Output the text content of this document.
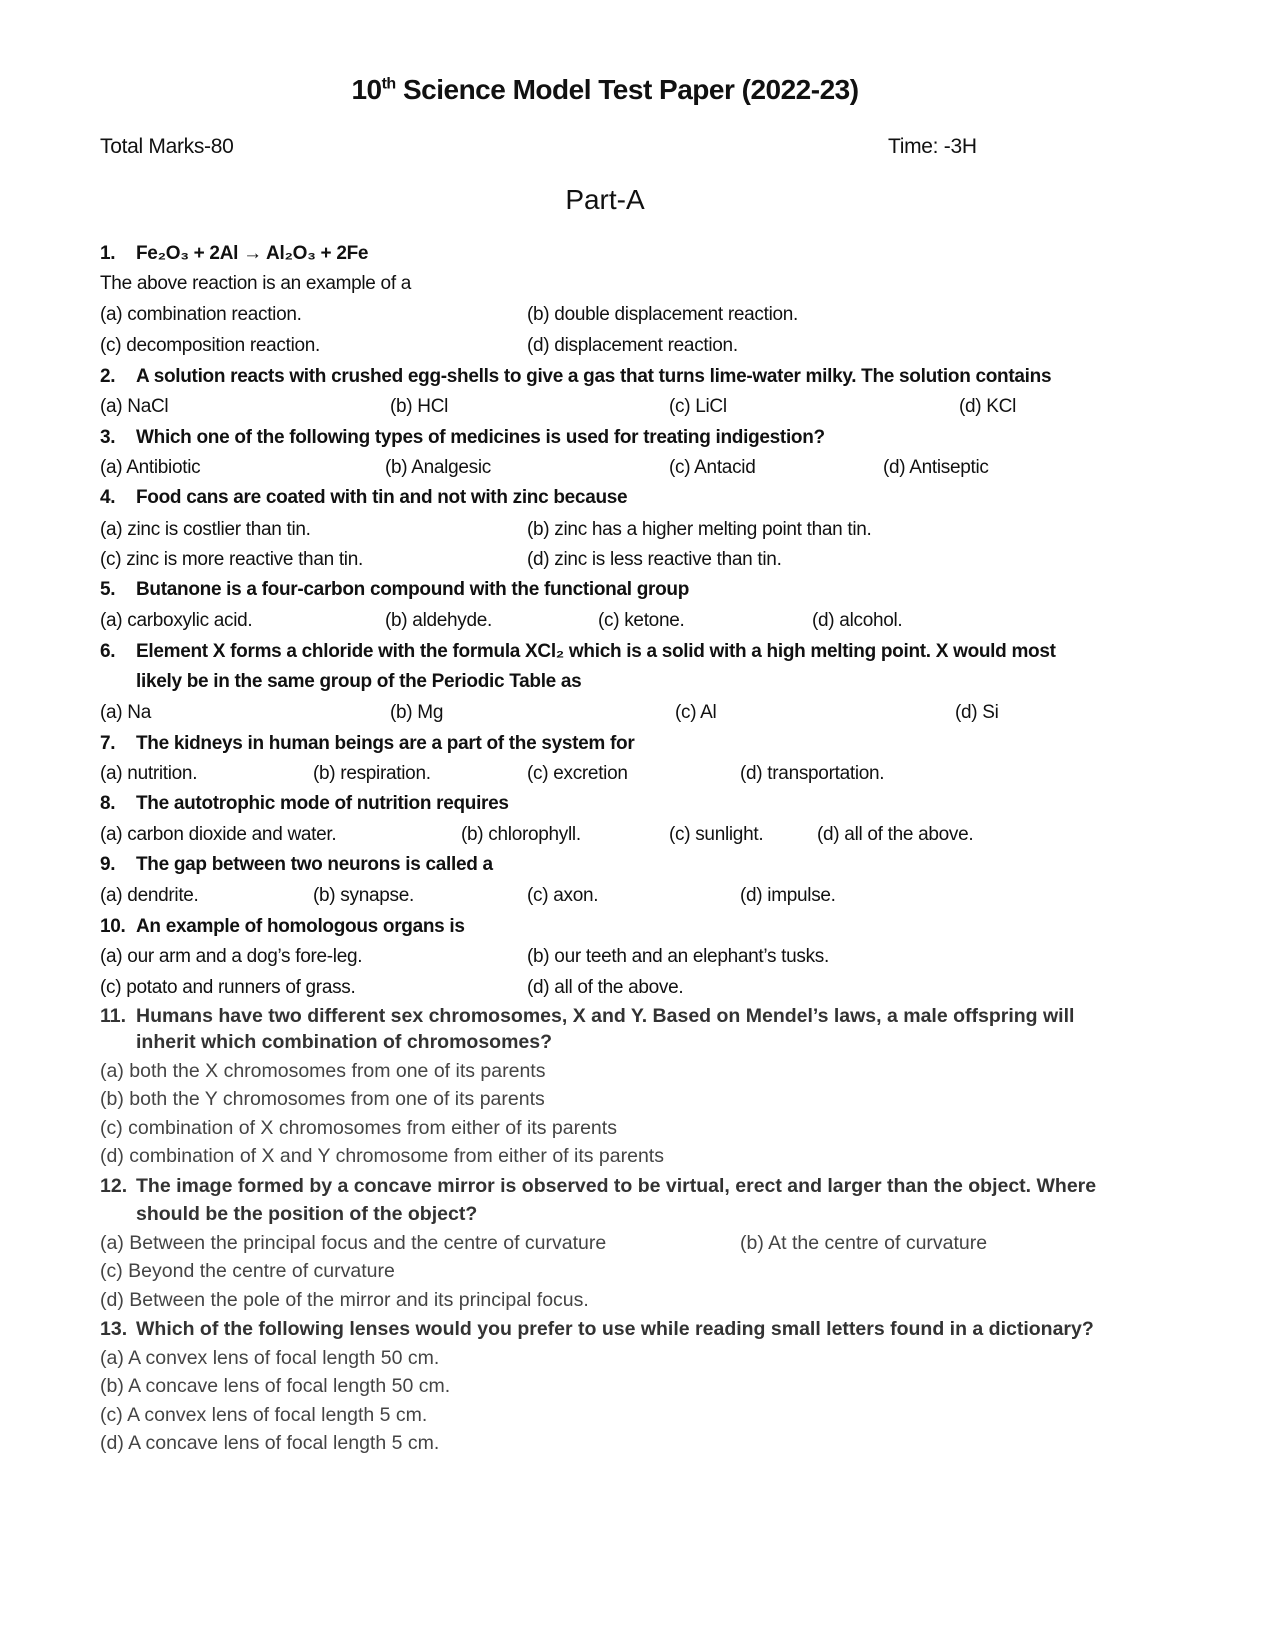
10th Science Model Test Paper (2022-23)
Total Marks-80	Time: -3H
Part-A
1. Fe₂O₃ + 2Al → Al₂O₃ + 2Fe
The above reaction is an example of a
(a) combination reaction.	(b) double displacement reaction.
(c) decomposition reaction.	(d) displacement reaction.
2. A solution reacts with crushed egg-shells to give a gas that turns lime-water milky. The solution contains
(a) NaCl	(b) HCl	(c) LiCl	(d) KCl
3. Which one of the following types of medicines is used for treating indigestion?
(a) Antibiotic	(b) Analgesic	(c) Antacid	(d) Antiseptic
4. Food cans are coated with tin and not with zinc because
(a) zinc is costlier than tin.	(b) zinc has a higher melting point than tin.
(c) zinc is more reactive than tin.	(d) zinc is less reactive than tin.
5. Butanone is a four-carbon compound with the functional group
(a) carboxylic acid.	(b) aldehyde.	(c) ketone.	(d) alcohol.
6. Element X forms a chloride with the formula XCl₂ which is a solid with a high melting point. X would most
likely be in the same group of the Periodic Table as
(a) Na	(b) Mg	(c) Al	(d) Si
7. The kidneys in human beings are a part of the system for
(a) nutrition.	(b) respiration.	(c) excretion	(d) transportation.
8. The autotrophic mode of nutrition requires
(a) carbon dioxide and water.	(b) chlorophyll.	(c) sunlight.	(d) all of the above.
9. The gap between two neurons is called a
(a) dendrite.	(b) synapse.	(c) axon.	(d) impulse.
10. An example of homologous organs is
(a) our arm and a dog’s fore-leg.	(b) our teeth and an elephant’s tusks.
(c) potato and runners of grass.	(d) all of the above.
11. Humans have two different sex chromosomes, X and Y. Based on Mendel’s laws, a male offspring will
inherit which combination of chromosomes?
(a) both the X chromosomes from one of its parents
(b) both the Y chromosomes from one of its parents
(c) combination of X chromosomes from either of its parents
(d) combination of X and Y chromosome from either of its parents
12. The image formed by a concave mirror is observed to be virtual, erect and larger than the object. Where
should be the position of the object?
(a) Between the principal focus and the centre of curvature	(b) At the centre of curvature
(c) Beyond the centre of curvature
(d) Between the pole of the mirror and its principal focus.
13. Which of the following lenses would you prefer to use while reading small letters found in a dictionary?
(a) A convex lens of focal length 50 cm.
(b) A concave lens of focal length 50 cm.
(c) A convex lens of focal length 5 cm.
(d) A concave lens of focal length 5 cm.
